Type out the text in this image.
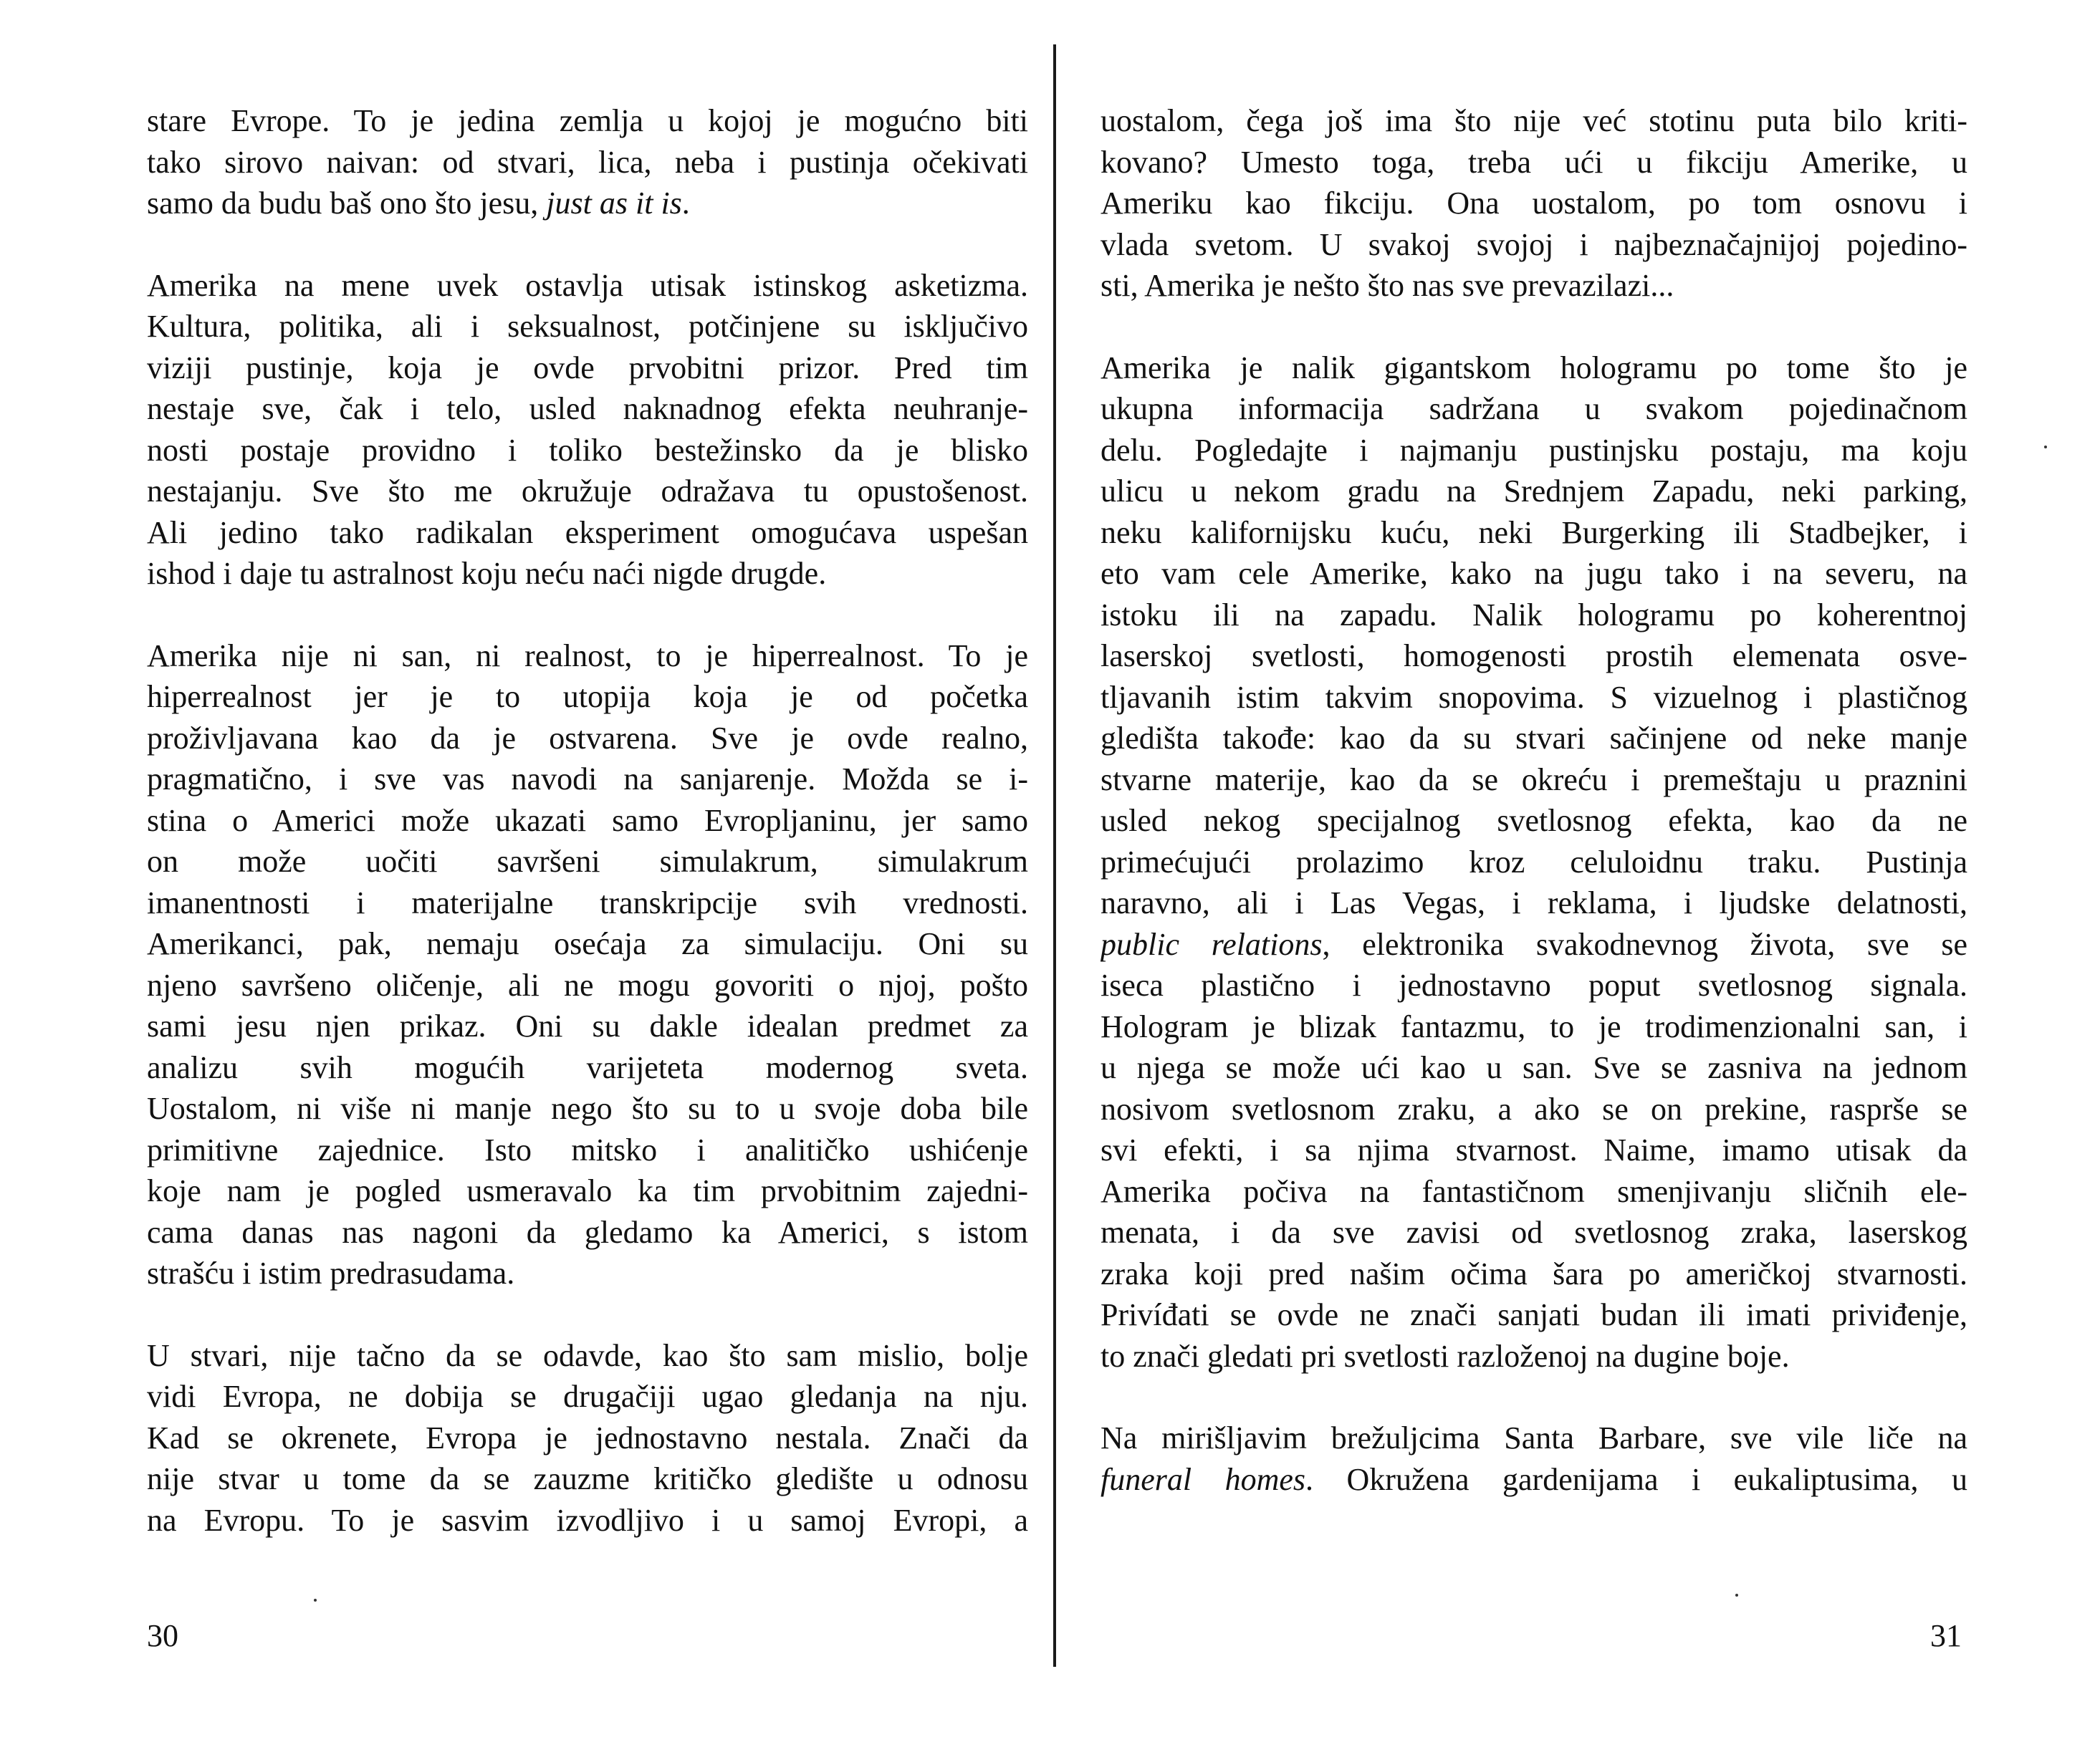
stare Evrope. To je jedina zemlja u kojoj je mogućno biti
tako sirovo naivan: od stvari, lica, neba i pustinja očekivati
samo da budu baš ono što jesu, just as it is.
Amerika na mene uvek ostavlja utisak istinskog asketizma.
Kultura, politika, ali i seksualnost, potčinjene su isključivo
viziji pustinje, koja je ovde prvobitni prizor. Pred tim
nestaje sve, čak i telo, usled naknadnog efekta neuhranje-
nosti postaje providno i toliko bestežinsko da je blisko
nestajanju. Sve što me okružuje odražava tu opustošenost.
Ali jedino tako radikalan eksperiment omogućava uspešan
ishod i daje tu astralnost koju neću naći nigde drugde.
Amerika nije ni san, ni realnost, to je hiperrealnost. To je
hiperrealnost jer je to utopija koja je od početka
proživljavana kao da je ostvarena. Sve je ovde realno,
pragmatično, i sve vas navodi na sanjarenje. Možda se i-
stina o Americi može ukazati samo Evropljaninu, jer samo
on može uočiti savršeni simulakrum, simulakrum
imanentnosti i materijalne transkripcije svih vrednosti.
Amerikanci, pak, nemaju osećaja za simulaciju. Oni su
njeno savršeno oličenje, ali ne mogu govoriti o njoj, pošto
sami jesu njen prikaz. Oni su dakle idealan predmet za
analizu svih mogućih varijeteta modernog sveta.
Uostalom, ni više ni manje nego što su to u svoje doba bile
primitivne zajednice. Isto mitsko i analitičko ushićenje
koje nam je pogled usmeravalo ka tim prvobitnim zajedni-
cama danas nas nagoni da gledamo ka Americi, s istom
strašću i istim predrasudama.
U stvari, nije tačno da se odavde, kao što sam mislio, bolje
vidi Evropa, ne dobija se drugačiji ugao gledanja na nju.
Kad se okrenete, Evropa je jednostavno nestala. Znači da
nije stvar u tome da se zauzme kritičko gledište u odnosu
na Evropu. To je sasvim izvodljivo i u samoj Evropi, a
30
uostalom, čega još ima što nije već stotinu puta bilo kriti-
kovano? Umesto toga, treba ući u fikciju Amerike, u
Ameriku kao fikciju. Ona uostalom, po tom osnovu i
vlada svetom. U svakoj svojoj i najbeznačajnijoj pojedino-
sti, Amerika je nešto što nas sve prevazilazi...
Amerika je nalik gigantskom hologramu po tome što je
ukupna informacija sadržana u svakom pojedinačnom
delu. Pogledajte i najmanju pustinjsku postaju, ma koju
ulicu u nekom gradu na Srednjem Zapadu, neki parking,
neku kalifornijsku kuću, neki Burgerking ili Stadbejker, i
eto vam cele Amerike, kako na jugu tako i na severu, na
istoku ili na zapadu. Nalik hologramu po koherentnoj
laserskoj svetlosti, homogenosti prostih elemenata osve-
tljavanih istim takvim snopovima. S vizuelnog i plastičnog
gledišta takođe: kao da su stvari sačinjene od neke manje
stvarne materije, kao da se okreću i premeštaju u praznini
usled nekog specijalnog svetlosnog efekta, kao da ne
primećujući prolazimo kroz celuloidnu traku. Pustinja
naravno, ali i Las Vegas, i reklama, i ljudske delatnosti,
public relations, elektronika svakodnevnog života, sve se
iseca plastično i jednostavno poput svetlosnog signala.
Hologram je blizak fantazmu, to je trodimenzionalni san, i
u njega se može ući kao u san. Sve se zasniva na jednom
nosivom svetlosnom zraku, a ako se on prekine, rasprše se
svi efekti, i sa njima stvarnost. Naime, imamo utisak da
Amerika počiva na fantastičnom smenjivanju sličnih ele-
menata, i da sve zavisi od svetlosnog zraka, laserskog
zraka koji pred našim očima šara po američkoj stvarnosti.
Privíđati se ovde ne znači sanjati budan ili imati priviđenje,
to znači gledati pri svetlosti razloženoj na dugine boje.
Na mirišljavim brežuljcima Santa Barbare, sve vile liče na
funeral homes. Okružena gardenijama i eukaliptusima, u
31
